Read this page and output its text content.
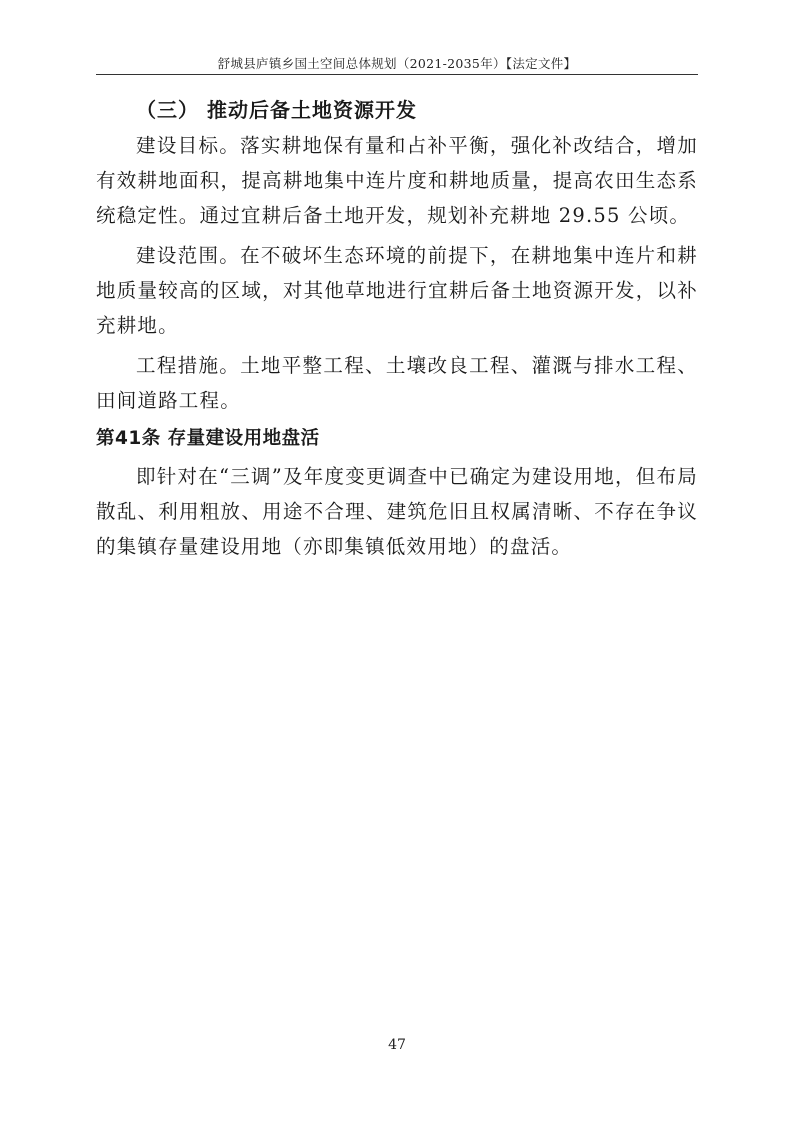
舒城县庐镇乡国土空间总体规划（2021-2035年）【法定文件】
（三） 推动后备土地资源开发

建设目标。落实耕地保有量和占补平衡，强化补改结合，增加有效耕地面积，提高耕地集中连片度和耕地质量，提高农田生态系统稳定性。通过宜耕后备土地开发，规划补充耕地 29.55 公顷。

建设范围。在不破坏生态环境的前提下，在耕地集中连片和耕地质量较高的区域，对其他草地进行宜耕后备土地资源开发，以补充耕地。

工程措施。土地平整工程、土壤改良工程、灌溉与排水工程、田间道路工程。

第41条 存量建设用地盘活

即针对在“三调”及年度变更调查中已确定为建设用地，但布局散乱、利用粗放、用途不合理、建筑危旧且权属清晰、不存在争议的集镇存量建设用地（亦即集镇低效用地）的盘活。

47
